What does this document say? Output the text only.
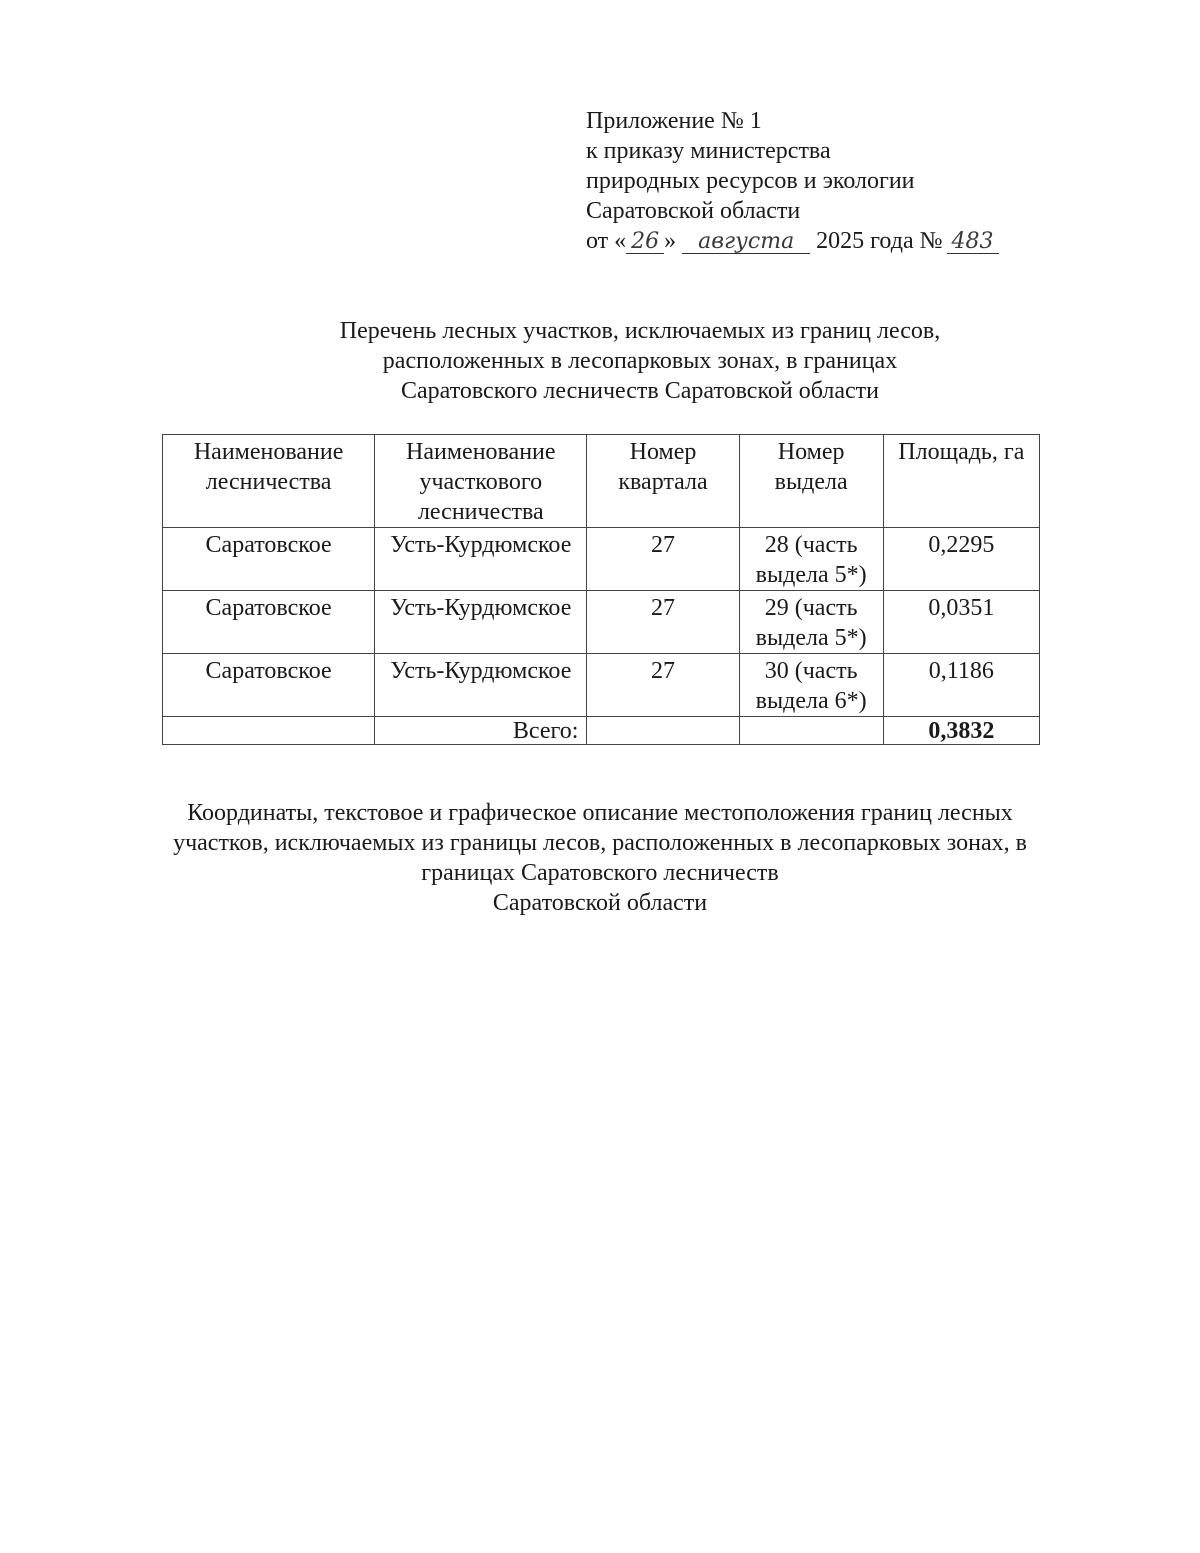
Приложение № 1
к приказу министерства
природных ресурсов и экологии
Саратовской области
от « 26 » августа 2025 года № 483
Перечень лесных участков, исключаемых из границ лесов,
расположенных в лесопарковых зонах, в границах
Саратовского лесничеств Саратовской области
Наименование лесничества	Наименование участкового лесничества	Номер квартала	Номер выдела	Площадь, га
Саратовское	Усть-Курдюмское	27	28 (часть выдела 5*)	0,2295
Саратовское	Усть-Курдюмское	27	29 (часть выдела 5*)	0,0351
Саратовское	Усть-Курдюмское	27	30 (часть выдела 6*)	0,1186
	Всего:			0,3832
Координаты, текстовое и графическое описание местоположения границ лесных
участков, исключаемых из границы лесов, расположенных в лесопарковых зонах, в
границах Саратовского лесничеств
Саратовской области
